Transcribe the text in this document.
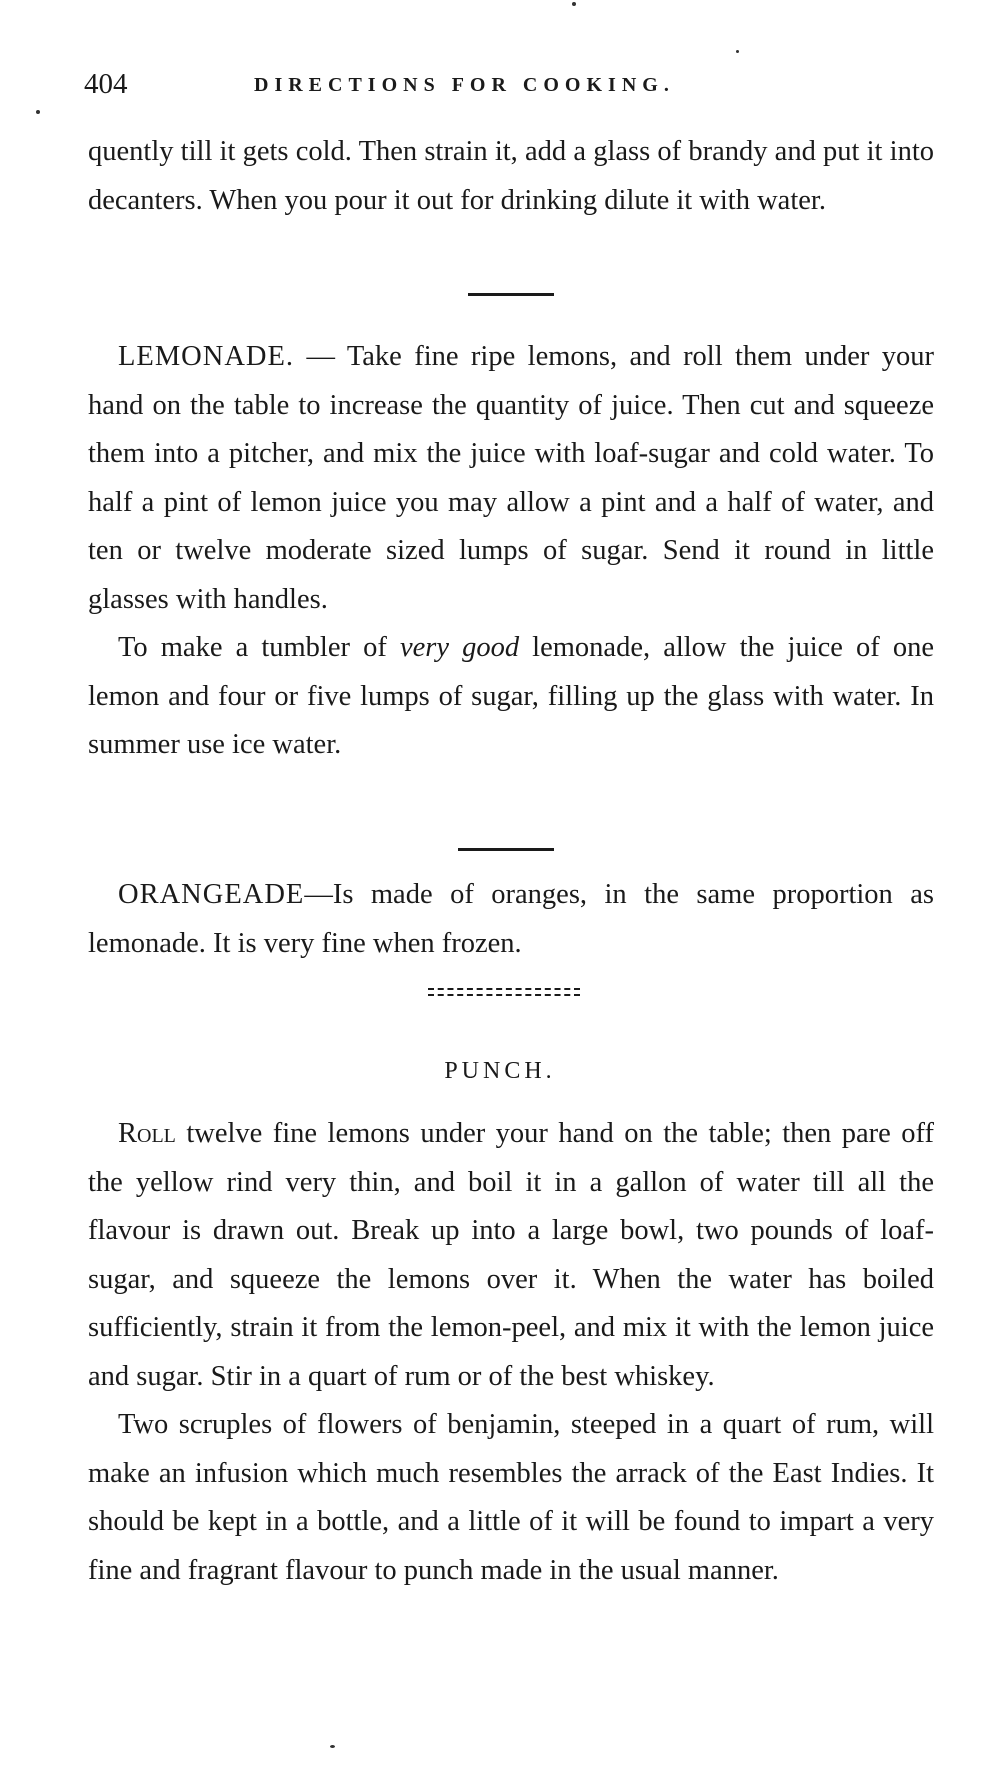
404	DIRECTIONS FOR COOKING.

quently till it gets cold. Then strain it, add a glass of brandy and put it into decanters. When you pour it out for drinking dilute it with water.

LEMONADE. — Take fine ripe lemons, and roll them under your hand on the table to increase the quantity of juice. Then cut and squeeze them into a pitcher, and mix the juice with loaf-sugar and cold water. To half a pint of lemon juice you may allow a pint and a half of water, and ten or twelve moderate sized lumps of sugar. Send it round in little glasses with handles.

To make a tumbler of very good lemonade, allow the juice of one lemon and four or five lumps of sugar, filling up the glass with water. In summer use ice water.

ORANGEADE—Is made of oranges, in the same proportion as lemonade. It is very fine when frozen.

PUNCH.

Roll twelve fine lemons under your hand on the table; then pare off the yellow rind very thin, and boil it in a gallon of water till all the flavour is drawn out. Break up into a large bowl, two pounds of loaf-sugar, and squeeze the lemons over it. When the water has boiled sufficiently, strain it from the lemon-peel, and mix it with the lemon juice and sugar. Stir in a quart of rum or of the best whiskey.

Two scruples of flowers of benjamin, steeped in a quart of rum, will make an infusion which much resembles the arrack of the East Indies. It should be kept in a bottle, and a little of it will be found to impart a very fine and fragrant flavour to punch made in the usual manner.
